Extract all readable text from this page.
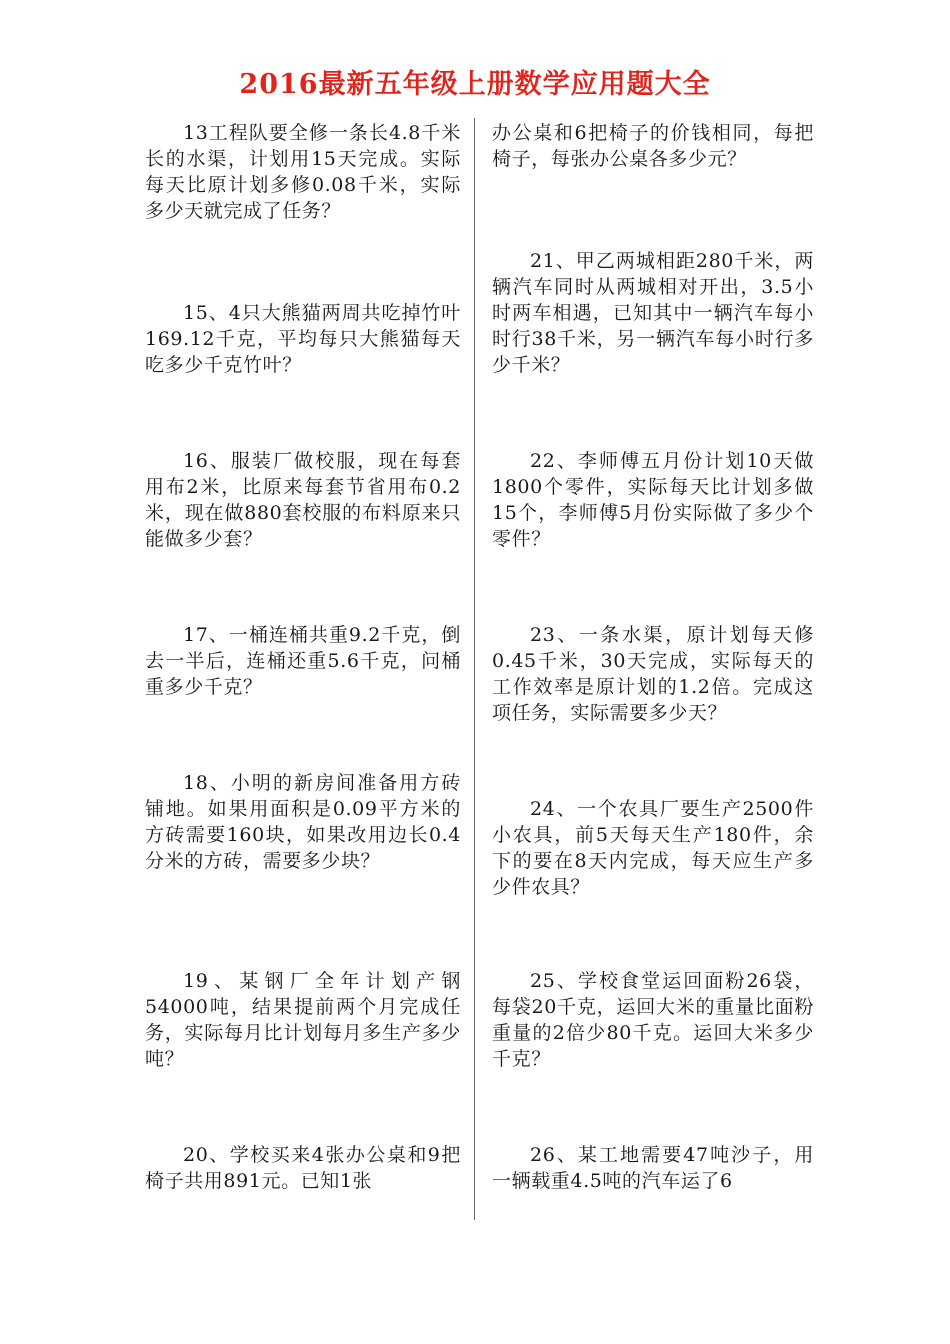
2016最新五年级上册数学应用题大全

13工程队要全修一条长4.8千米长的水渠，计划用15天完成。实际每天比原计划多修0.08千米，实际多少天就完成了任务？

15、4只大熊猫两周共吃掉竹叶169.12千克，平均每只大熊猫每天吃多少千克竹叶？

16、服装厂做校服，现在每套用布2米，比原来每套节省用布0.2米，现在做880套校服的布料原来只能做多少套？

17、一桶连桶共重9.2千克，倒去一半后，连桶还重5.6千克，问桶重多少千克？

18、小明的新房间准备用方砖铺地。如果用面积是0.09平方米的方砖需要160块，如果改用边长0.4分米的方砖，需要多少块？

19、某钢厂全年计划产钢54000吨，结果提前两个月完成任务，实际每月比计划每月多生产多少吨？

20、学校买来4张办公桌和9把椅子共用891元。已知1张

办公桌和6把椅子的价钱相同，每把椅子，每张办公桌各多少元？

21、甲乙两城相距280千米，两辆汽车同时从两城相对开出，3.5小时两车相遇，已知其中一辆汽车每小时行38千米，另一辆汽车每小时行多少千米？

22、李师傅五月份计划10天做1800个零件，实际每天比计划多做15个，李师傅5月份实际做了多少个零件？

23、一条水渠，原计划每天修0.45千米，30天完成，实际每天的工作效率是原计划的1.2倍。完成这项任务，实际需要多少天？

24、一个农具厂要生产2500件小农具，前5天每天生产180件，余下的要在8天内完成，每天应生产多少件农具？

25、学校食堂运回面粉26袋，每袋20千克，运回大米的重量比面粉重量的2倍少80千克。运回大米多少千克？

26、某工地需要47吨沙子，用一辆载重4.5吨的汽车运了6
